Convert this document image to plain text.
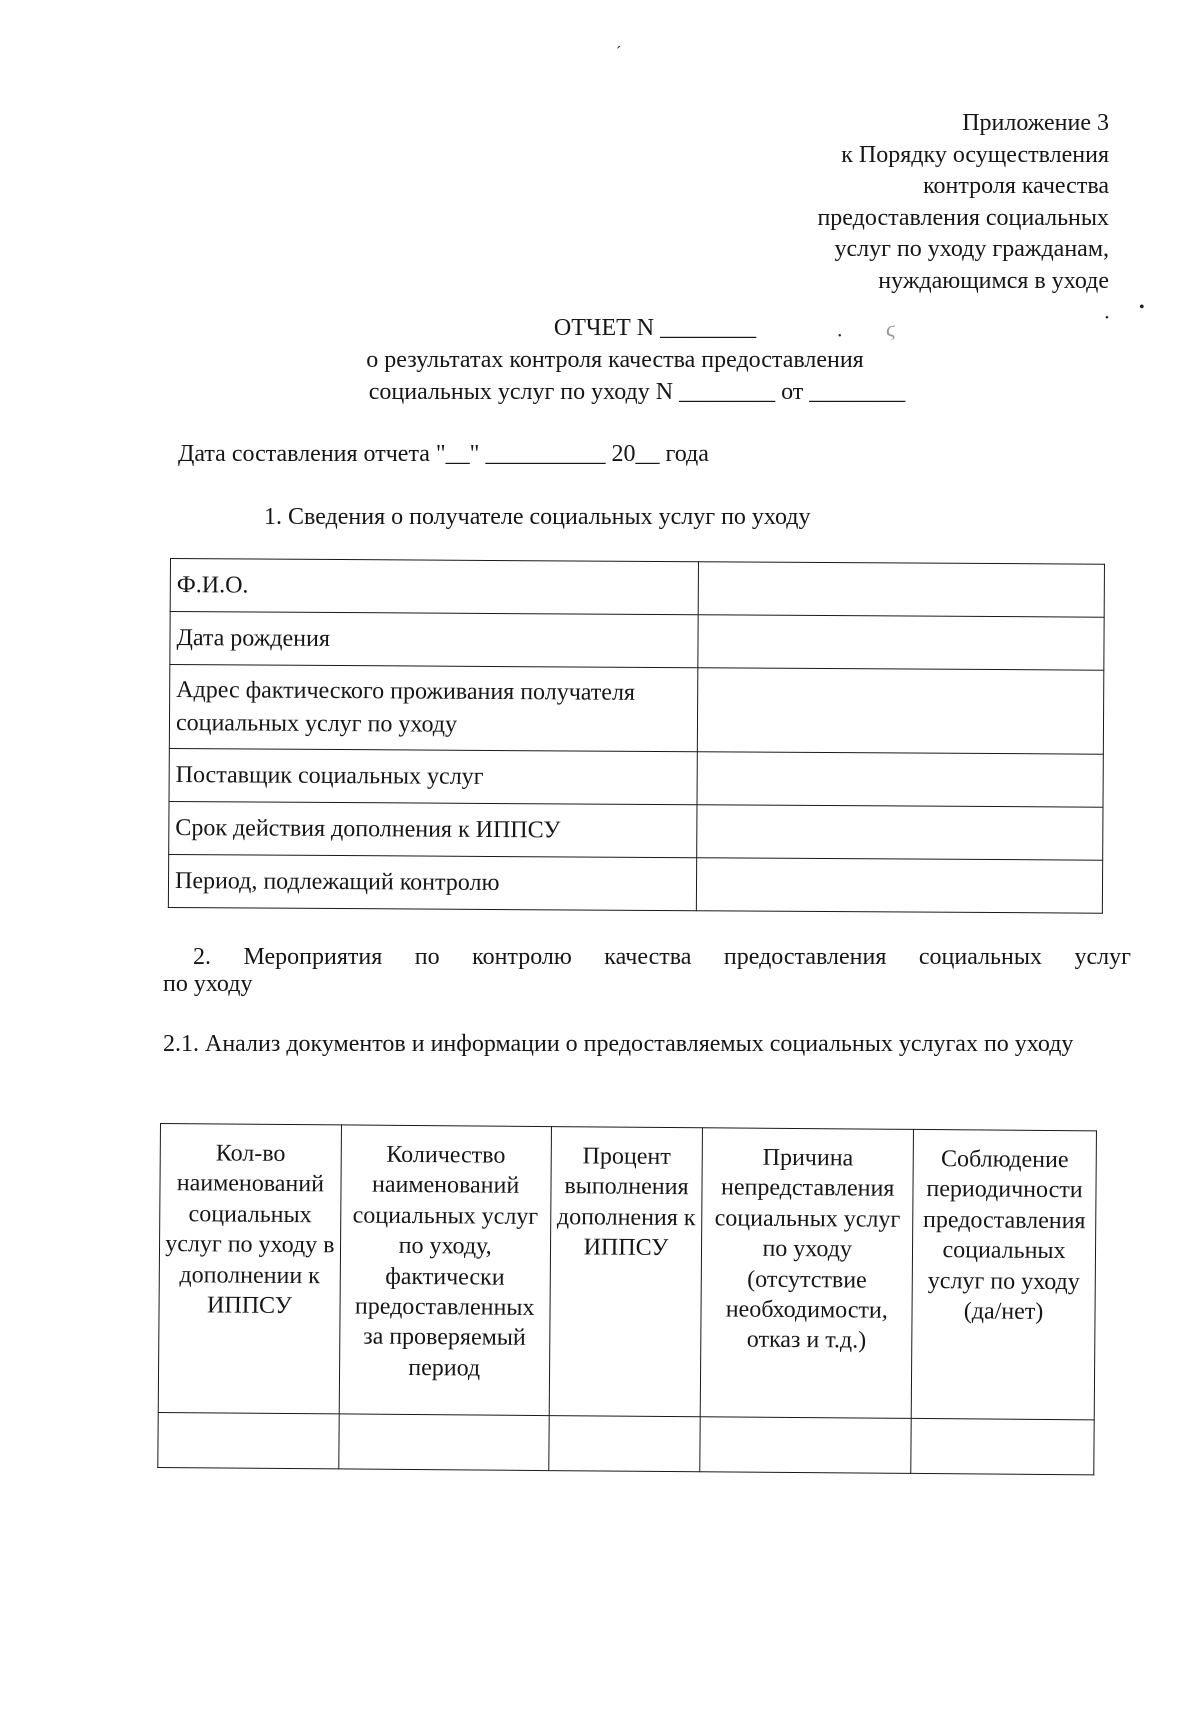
ˊ
•
•
• ϛ
Приложение 3
к Порядку осуществления
контроля качества
предоставления социальных
услуг по уходу гражданам,
нуждающимся в уходе
ОТЧЕТ N ________
о результатах контроля качества предоставления
социальных услуг по уходу N ________ от ________
Дата составления отчета "__" __________ 20__ года
1. Сведения о получателе социальных услуг по уходу
Ф.И.О.	
Дата рождения	
Адрес фактического проживания получателя социальных услуг по уходу	
Поставщик социальных услуг	
Срок действия дополнения к ИППСУ	
Период, подлежащий контролю	
2. Мероприятия по контролю качества предоставления социальных услуг
по уходу
2.1. Анализ документов и информации о предоставляемых социальных услугах по уходу
Кол-во наименований социальных услуг по уходу в дополнении к ИППСУ	Количество наименований социальных услуг по уходу, фактически предоставленных за проверяемый период	Процент выполнения дополнения к ИППСУ	Причина непредставления социальных услуг по уходу (отсутствие необходимости, отказ и т.д.)	Соблюдение периодичности предоставления социальных услуг по уходу (да/нет)
